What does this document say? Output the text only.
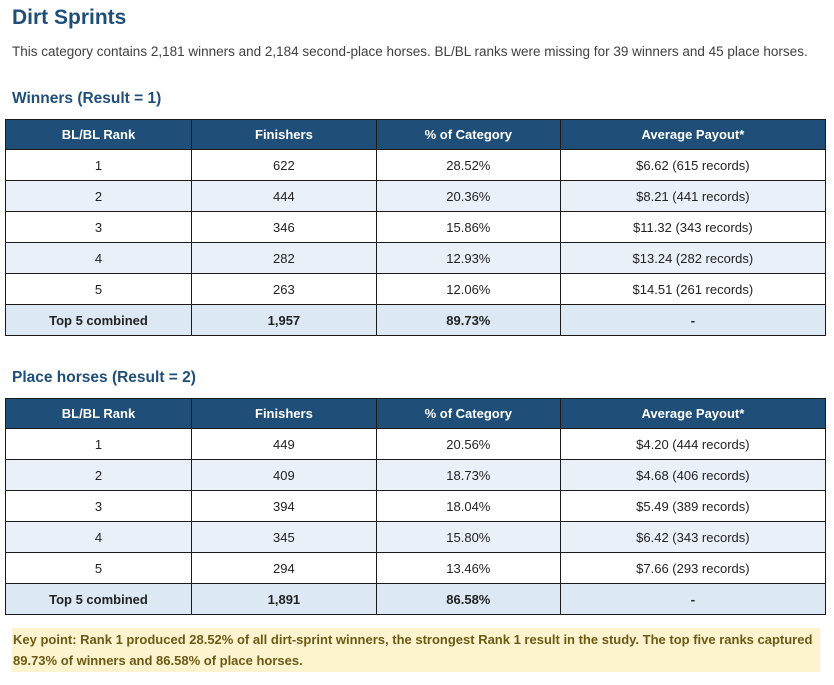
Dirt Sprints
This category contains 2,181 winners and 2,184 second-place horses. BL/BL ranks were missing for 39 winners and 45 place horses.
Winners (Result = 1)
BL/BL Rank	Finishers	% of Category	Average Payout*
1	622	28.52%	$6.62 (615 records)
2	444	20.36%	$8.21 (441 records)
3	346	15.86%	$11.32 (343 records)
4	282	12.93%	$13.24 (282 records)
5	263	12.06%	$14.51 (261 records)
Top 5 combined	1,957	89.73%	-
Place horses (Result = 2)
BL/BL Rank	Finishers	% of Category	Average Payout*
1	449	20.56%	$4.20 (444 records)
2	409	18.73%	$4.68 (406 records)
3	394	18.04%	$5.49 (389 records)
4	345	15.80%	$6.42 (343 records)
5	294	13.46%	$7.66 (293 records)
Top 5 combined	1,891	86.58%	-
Key point: Rank 1 produced 28.52% of all dirt-sprint winners, the strongest Rank 1 result in the study. The top five ranks captured 89.73% of winners and 86.58% of place horses.
